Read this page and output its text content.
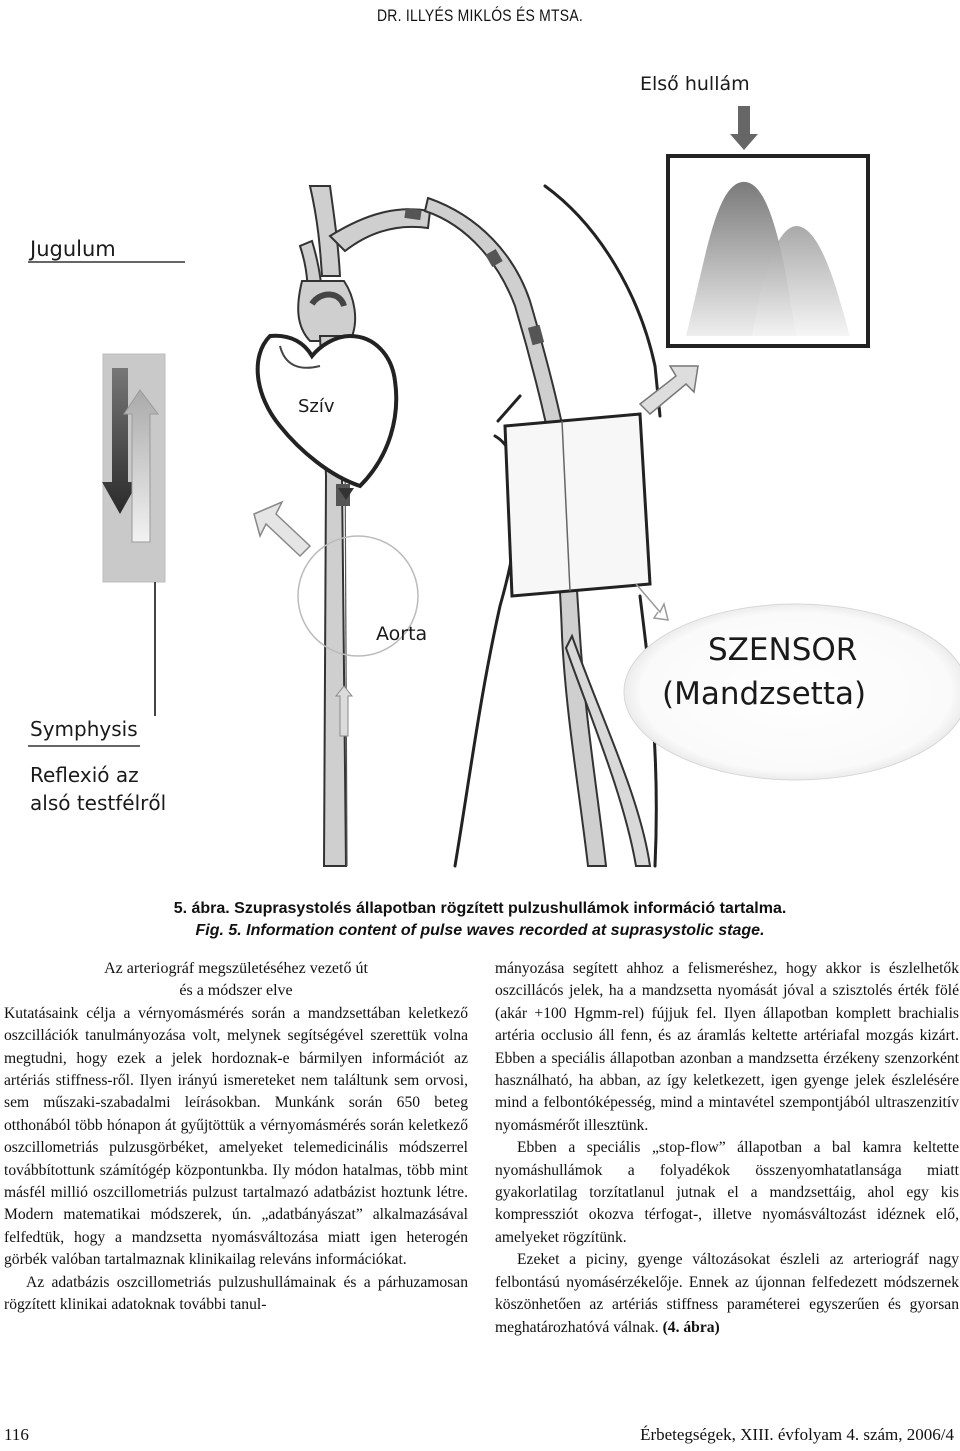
DR. ILLYÉS MIKLÓS ÉS MTSA.
Első hullám
Jugulum
Szív
Aorta
Symphysis
Reflexió az
alsó testfélről
SZENSOR
(Mandzsetta)
5. ábra. Szuprasystolés állapotban rögzített pulzushullámok információ tartalma.
Fig. 5. Information content of pulse waves recorded at suprasystolic stage.
Az arteriográf megszületéséhez vezető út
és a módszer elve

Kutatásaink célja a vérnyomásmérés során a mandzsettában keletkező oszcillációk tanulmányozása volt, melynek segítségével szerettük volna megtudni, hogy ezek a jelek hordoznak-e bármilyen információt az artériás stiffness-ről. Ilyen irányú ismereteket nem találtunk sem orvosi, sem műszaki-szabadalmi leírásokban. Munkánk során 650 beteg otthonából több hónapon át gyűjtöttük a vérnyomásmérés során keletkező oszcillometriás pulzusgörbéket, amelyeket telemedicinális módszerrel továbbítottunk számítógép központunkba. Ily módon hatalmas, több mint másfél millió oszcillometriás pulzust tartalmazó adatbázist hoztunk létre. Modern matematikai módszerek, ún. „adatbányászat” alkalmazásával felfedtük, hogy a mandzsetta nyomásváltozása miatt igen heterogén görbék valóban tartalmaznak klinikailag releváns információkat.

Az adatbázis oszcillometriás pulzushullámainak és a párhuzamosan rögzített klinikai adatoknak további tanul-

mányozása segített ahhoz a felismeréshez, hogy akkor is észlelhetők oszcillácós jelek, ha a mandzsetta nyomását jóval a szisztolés érték fölé (akár +100 Hgmm-rel) fújjuk fel. Ilyen állapotban komplett brachialis artéria occlusio áll fenn, és az áramlás keltette artériafal mozgás kizárt. Ebben a speciális állapotban azonban a mandzsetta érzékeny szenzorként használható, ha abban, az így keletkezett, igen gyenge jelek észlelésére mind a felbontóképesség, mind a mintavétel szempontjából ultraszenzitív nyomásmérőt illesztünk.

Ebben a speciális „stop-flow” állapotban a bal kamra keltette nyomáshullámok a folyadékok összenyomhatatlansága miatt gyakorlatilag torzítatlanul jutnak el a mandzsettáig, ahol egy kis kompressziót okozva térfogat-, illetve nyomásváltozást idéznek elő, amelyeket rögzítünk.

Ezeket a piciny, gyenge változásokat észleli az arteriográf nagy felbontású nyomásérzékelője. Ennek az újonnan felfedezett módszernek köszönhetően az artériás stiffness paraméterei egyszerűen és gyorsan meghatározhatóvá válnak. (4. ábra)

116	Érbetegségek, XIII. évfolyam 4. szám, 2006/4
